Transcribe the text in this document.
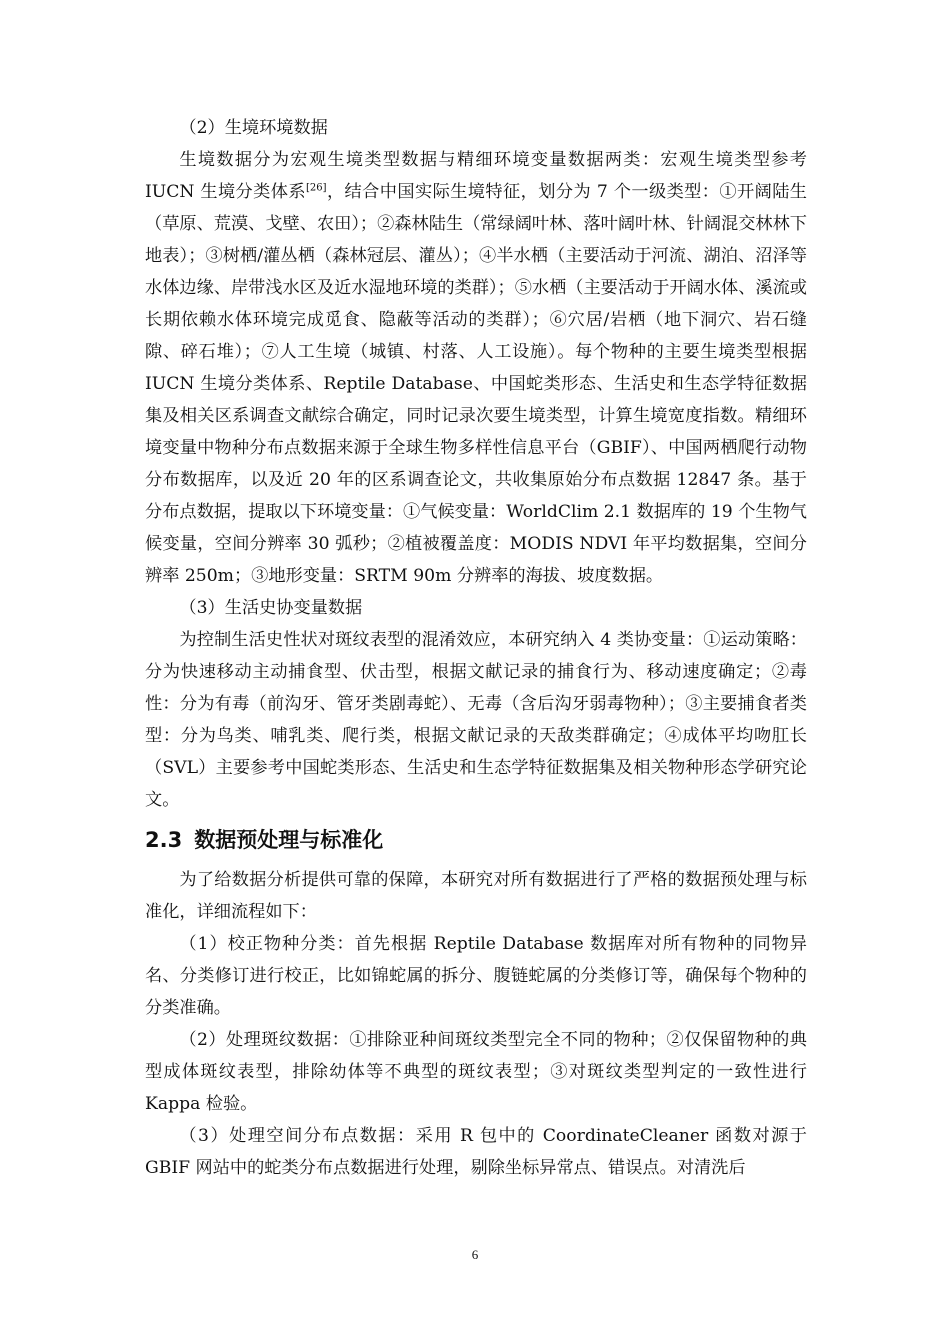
（2）生境环境数据

生境数据分为宏观生境类型数据与精细环境变量数据两类：宏观生境类型参考 IUCN 生境分类体系[26]，结合中国实际生境特征，划分为 7 个一级类型：①开阔陆生（草原、荒漠、戈壁、农田）；②森林陆生（常绿阔叶林、落叶阔叶林、针阔混交林林下地表）；③树栖/灌丛栖（森林冠层、灌丛）；④半水栖（主要活动于河流、湖泊、沼泽等水体边缘、岸带浅水区及近水湿地环境的类群）；⑤水栖（主要活动于开阔水体、溪流或长期依赖水体环境完成觅食、隐蔽等活动的类群）；⑥穴居/岩栖（地下洞穴、岩石缝隙、碎石堆）；⑦人工生境（城镇、村落、人工设施）。每个物种的主要生境类型根据 IUCN 生境分类体系、Reptile Database、中国蛇类形态、生活史和生态学特征数据集及相关区系调查文献综合确定，同时记录次要生境类型，计算生境宽度指数。精细环境变量中物种分布点数据来源于全球生物多样性信息平台（GBIF）、中国两栖爬行动物分布数据库，以及近 20 年的区系调查论文，共收集原始分布点数据 12847 条。基于分布点数据，提取以下环境变量：①气候变量：WorldClim 2.1 数据库的 19 个生物气候变量，空间分辨率 30 弧秒；②植被覆盖度：MODIS NDVI 年平均数据集，空间分辨率 250m；③地形变量：SRTM 90m 分辨率的海拔、坡度数据。

（3）生活史协变量数据

为控制生活史性状对斑纹表型的混淆效应，本研究纳入 4 类协变量：①运动策略：分为快速移动主动捕食型、伏击型，根据文献记录的捕食行为、移动速度确定；②毒性：分为有毒（前沟牙、管牙类剧毒蛇）、无毒（含后沟牙弱毒物种）；③主要捕食者类型：分为鸟类、哺乳类、爬行类，根据文献记录的天敌类群确定；④成体平均吻肛长（SVL）主要参考中国蛇类形态、生活史和生态学特征数据集及相关物种形态学研究论文。

2.3 数据预处理与标准化

为了给数据分析提供可靠的保障，本研究对所有数据进行了严格的数据预处理与标准化，详细流程如下：

（1）校正物种分类：首先根据 Reptile Database 数据库对所有物种的同物异名、分类修订进行校正，比如锦蛇属的拆分、腹链蛇属的分类修订等，确保每个物种的分类准确。

（2）处理斑纹数据：①排除亚种间斑纹类型完全不同的物种；②仅保留物种的典型成体斑纹表型，排除幼体等不典型的斑纹表型；③对斑纹类型判定的一致性进行 Kappa 检验。

（3）处理空间分布点数据：采用 R 包中的 CoordinateCleaner 函数对源于 GBIF 网站中的蛇类分布点数据进行处理，剔除坐标异常点、错误点。对清洗后

6
